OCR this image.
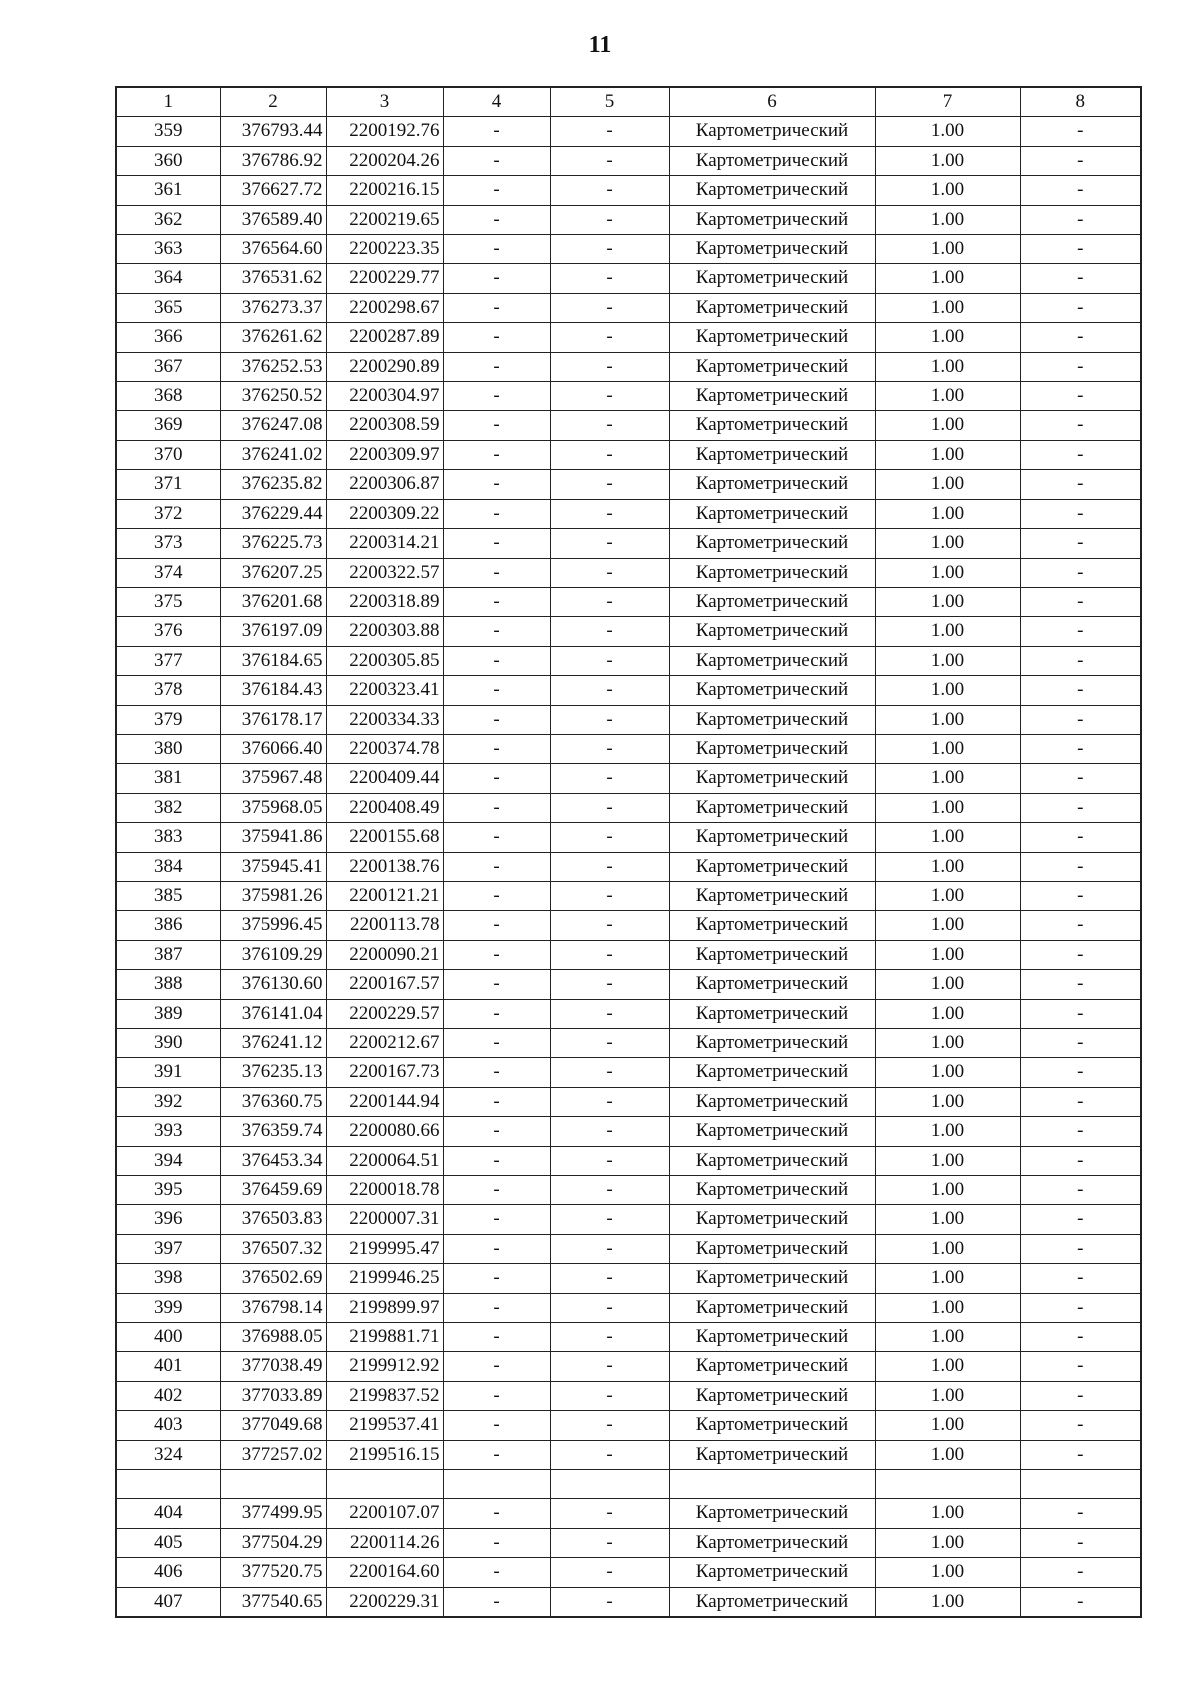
11
1	2	3	4	5	6	7	8
359	376793.44	2200192.76	-	-	Картометрический	1.00	-
360	376786.92	2200204.26	-	-	Картометрический	1.00	-
361	376627.72	2200216.15	-	-	Картометрический	1.00	-
362	376589.40	2200219.65	-	-	Картометрический	1.00	-
363	376564.60	2200223.35	-	-	Картометрический	1.00	-
364	376531.62	2200229.77	-	-	Картометрический	1.00	-
365	376273.37	2200298.67	-	-	Картометрический	1.00	-
366	376261.62	2200287.89	-	-	Картометрический	1.00	-
367	376252.53	2200290.89	-	-	Картометрический	1.00	-
368	376250.52	2200304.97	-	-	Картометрический	1.00	-
369	376247.08	2200308.59	-	-	Картометрический	1.00	-
370	376241.02	2200309.97	-	-	Картометрический	1.00	-
371	376235.82	2200306.87	-	-	Картометрический	1.00	-
372	376229.44	2200309.22	-	-	Картометрический	1.00	-
373	376225.73	2200314.21	-	-	Картометрический	1.00	-
374	376207.25	2200322.57	-	-	Картометрический	1.00	-
375	376201.68	2200318.89	-	-	Картометрический	1.00	-
376	376197.09	2200303.88	-	-	Картометрический	1.00	-
377	376184.65	2200305.85	-	-	Картометрический	1.00	-
378	376184.43	2200323.41	-	-	Картометрический	1.00	-
379	376178.17	2200334.33	-	-	Картометрический	1.00	-
380	376066.40	2200374.78	-	-	Картометрический	1.00	-
381	375967.48	2200409.44	-	-	Картометрический	1.00	-
382	375968.05	2200408.49	-	-	Картометрический	1.00	-
383	375941.86	2200155.68	-	-	Картометрический	1.00	-
384	375945.41	2200138.76	-	-	Картометрический	1.00	-
385	375981.26	2200121.21	-	-	Картометрический	1.00	-
386	375996.45	2200113.78	-	-	Картометрический	1.00	-
387	376109.29	2200090.21	-	-	Картометрический	1.00	-
388	376130.60	2200167.57	-	-	Картометрический	1.00	-
389	376141.04	2200229.57	-	-	Картометрический	1.00	-
390	376241.12	2200212.67	-	-	Картометрический	1.00	-
391	376235.13	2200167.73	-	-	Картометрический	1.00	-
392	376360.75	2200144.94	-	-	Картометрический	1.00	-
393	376359.74	2200080.66	-	-	Картометрический	1.00	-
394	376453.34	2200064.51	-	-	Картометрический	1.00	-
395	376459.69	2200018.78	-	-	Картометрический	1.00	-
396	376503.83	2200007.31	-	-	Картометрический	1.00	-
397	376507.32	2199995.47	-	-	Картометрический	1.00	-
398	376502.69	2199946.25	-	-	Картометрический	1.00	-
399	376798.14	2199899.97	-	-	Картометрический	1.00	-
400	376988.05	2199881.71	-	-	Картометрический	1.00	-
401	377038.49	2199912.92	-	-	Картометрический	1.00	-
402	377033.89	2199837.52	-	-	Картометрический	1.00	-
403	377049.68	2199537.41	-	-	Картометрический	1.00	-
324	377257.02	2199516.15	-	-	Картометрический	1.00	-

404	377499.95	2200107.07	-	-	Картометрический	1.00	-
405	377504.29	2200114.26	-	-	Картометрический	1.00	-
406	377520.75	2200164.60	-	-	Картометрический	1.00	-
407	377540.65	2200229.31	-	-	Картометрический	1.00	-
